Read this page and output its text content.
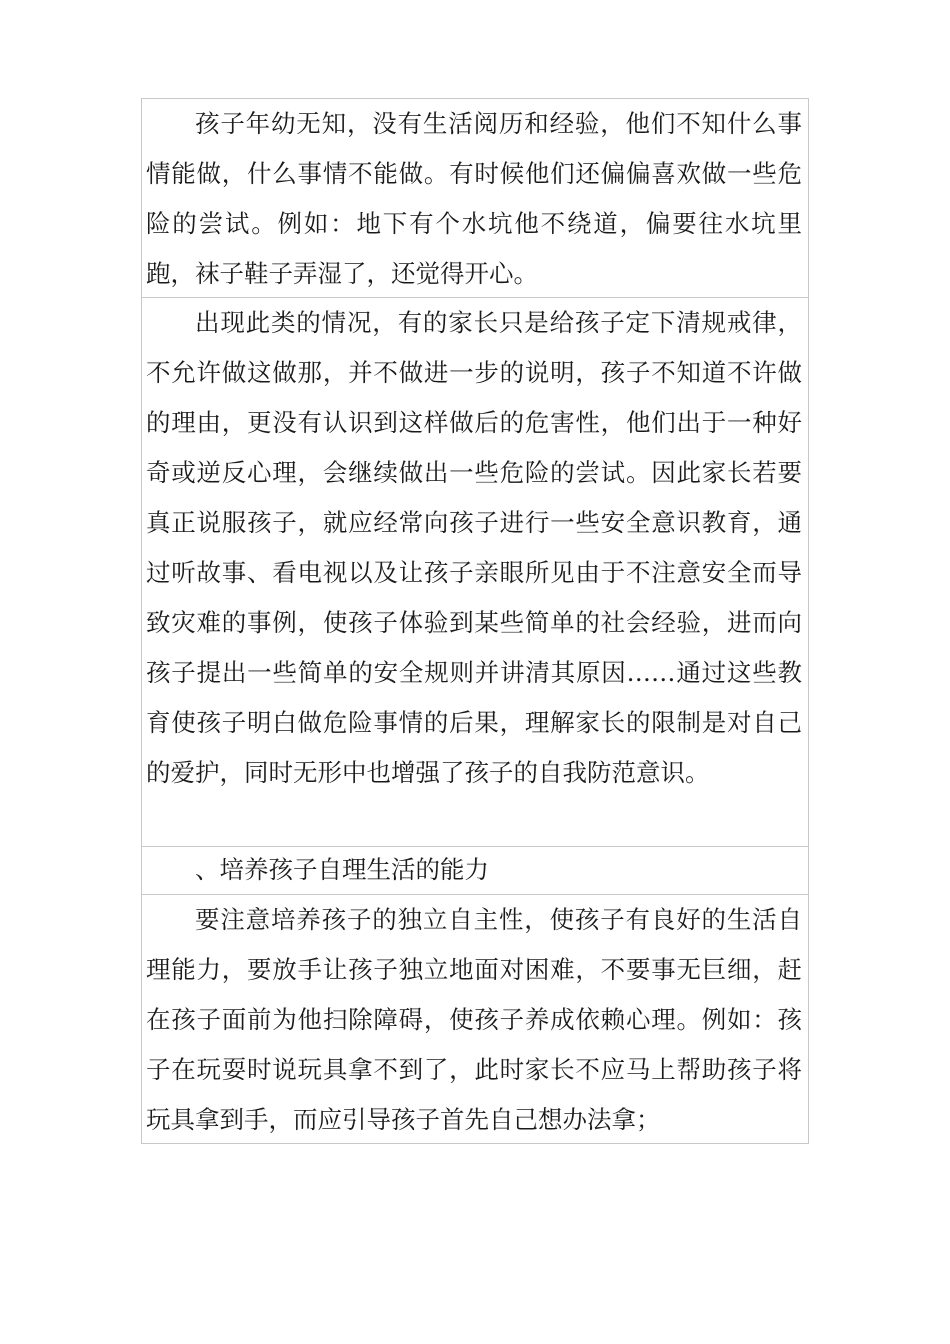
孩子年幼无知，没有生活阅历和经验，他们不知什么事情能做，什么事情不能做。有时候他们还偏偏喜欢做一些危险的尝试。例如：地下有个水坑他不绕道，偏要往水坑里跑，袜子鞋子弄湿了，还觉得开心。

出现此类的情况，有的家长只是给孩子定下清规戒律，不允许做这做那，并不做进一步的说明，孩子不知道不许做的理由，更没有认识到这样做后的危害性，他们出于一种好奇或逆反心理，会继续做出一些危险的尝试。因此家长若要真正说服孩子，就应经常向孩子进行一些安全意识教育，通过听故事、看电视以及让孩子亲眼所见由于不注意安全而导致灾难的事例，使孩子体验到某些简单的社会经验，进而向孩子提出一些简单的安全规则并讲清其原因……通过这些教育使孩子明白做危险事情的后果，理解家长的限制是对自己的爱护，同时无形中也增强了孩子的自我防范意识。

、培养孩子自理生活的能力

要注意培养孩子的独立自主性，使孩子有良好的生活自理能力，要放手让孩子独立地面对困难，不要事无巨细，赶在孩子面前为他扫除障碍，使孩子养成依赖心理。例如：孩子在玩耍时说玩具拿不到了，此时家长不应马上帮助孩子将玩具拿到手，而应引导孩子首先自己想办法拿；
